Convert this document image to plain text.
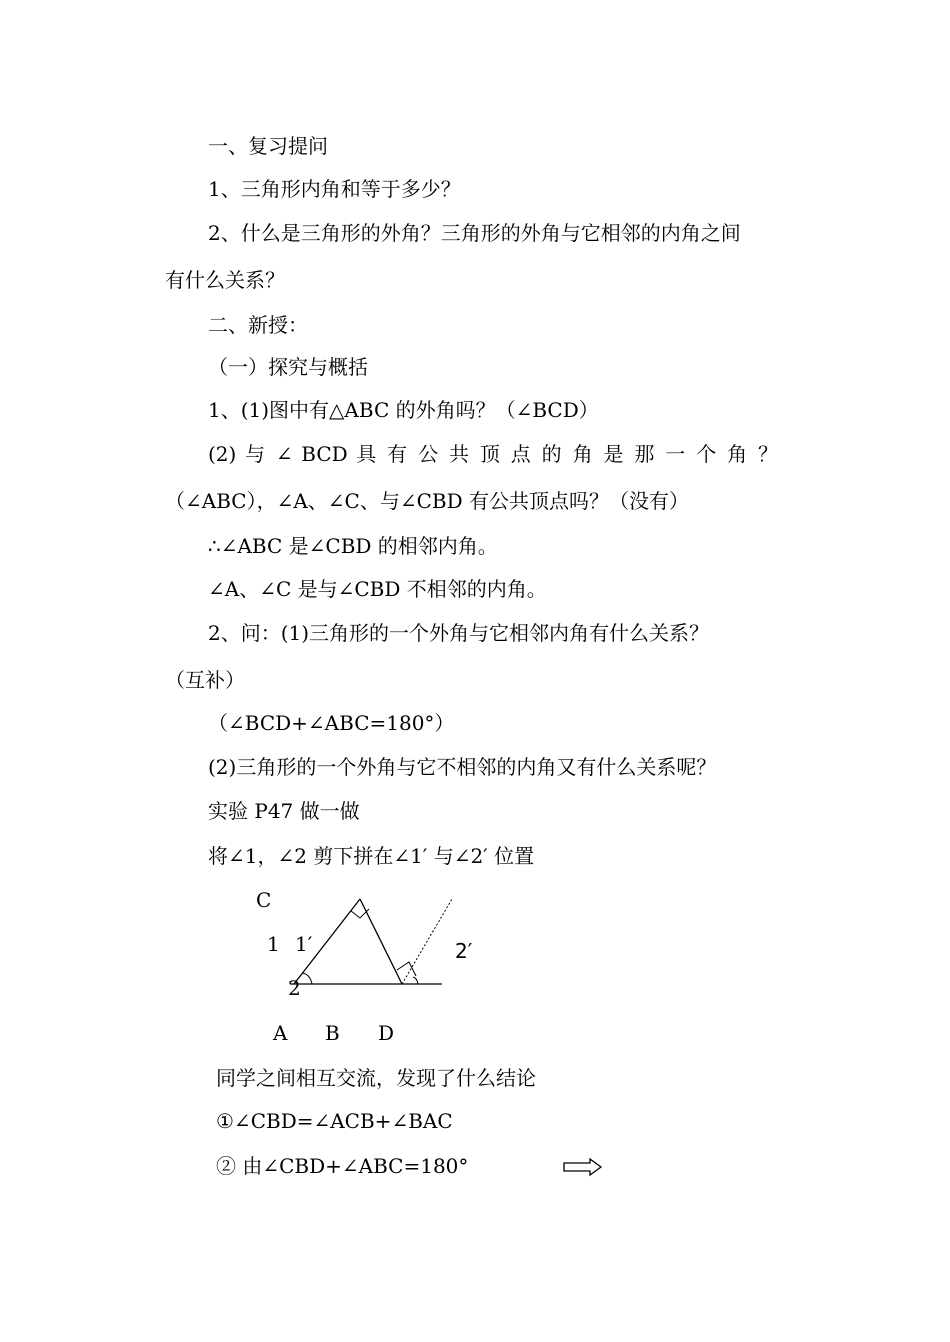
一、复习提问
1、三角形内角和等于多少？
2、什么是三角形的外角？三角形的外角与它相邻的内角之间
有什么关系？
二、新授：
（一）探究与概括
1、(1)图中有△ABC 的外角吗？（∠BCD）
(2) 与 ∠ BCD 具 有 公 共 顶 点 的 角 是 那 一 个 角 ？
（∠ABC），∠A、∠C、与∠CBD 有公共顶点吗？（没有）
∴∠ABC 是∠CBD 的相邻内角。
∠A、∠C 是与∠CBD 不相邻的内角。
2、问：(1)三角形的一个外角与它相邻内角有什么关系？
（互补）
（∠BCD+∠ABC=180°）
(2)三角形的一个外角与它不相邻的内角又有什么关系呢？
实验 P47 做一做
将∠1，∠2 剪下拼在∠1′ 与∠2′ 位置
C
1 1′
2
2′
A B D
同学之间相互交流，发现了什么结论
①∠CBD=∠ACB+∠BAC
② 由∠CBD+∠ABC=180°
